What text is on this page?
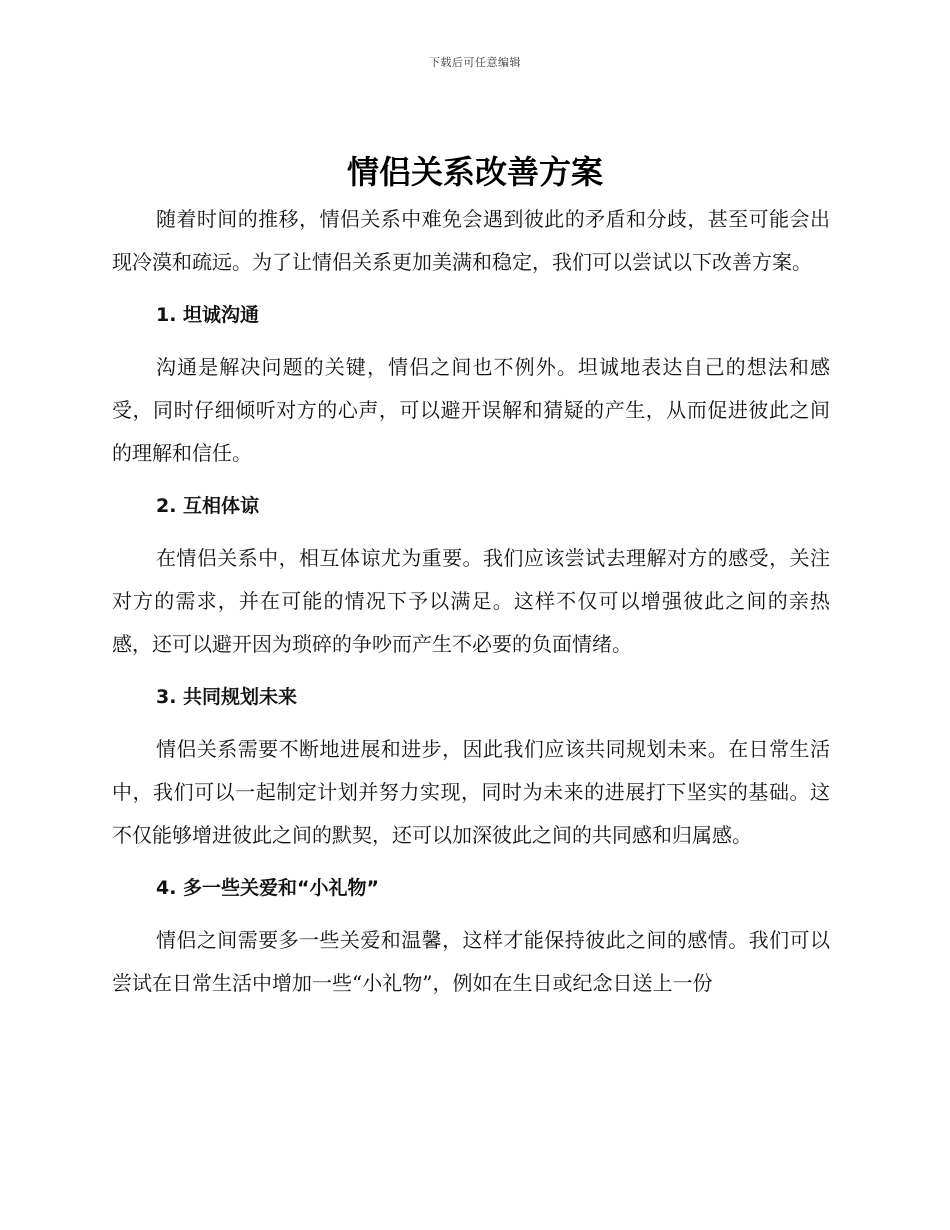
下载后可任意编辑
情侣关系改善方案

随着时间的推移，情侣关系中难免会遇到彼此的矛盾和分歧，甚至可能会出现冷漠和疏远。为了让情侣关系更加美满和稳定，我们可以尝试以下改善方案。

1. 坦诚沟通

沟通是解决问题的关键，情侣之间也不例外。坦诚地表达自己的想法和感受，同时仔细倾听对方的心声，可以避开误解和猜疑的产生，从而促进彼此之间的理解和信任。

2. 互相体谅

在情侣关系中，相互体谅尤为重要。我们应该尝试去理解对方的感受，关注对方的需求，并在可能的情况下予以满足。这样不仅可以增强彼此之间的亲热感，还可以避开因为琐碎的争吵而产生不必要的负面情绪。

3. 共同规划未来

情侣关系需要不断地进展和进步，因此我们应该共同规划未来。在日常生活中，我们可以一起制定计划并努力实现，同时为未来的进展打下坚实的基础。这不仅能够增进彼此之间的默契，还可以加深彼此之间的共同感和归属感。

4. 多一些关爱和“小礼物”

情侣之间需要多一些关爱和温馨，这样才能保持彼此之间的感情。我们可以尝试在日常生活中增加一些“小礼物”，例如在生日或纪念日送上一份
